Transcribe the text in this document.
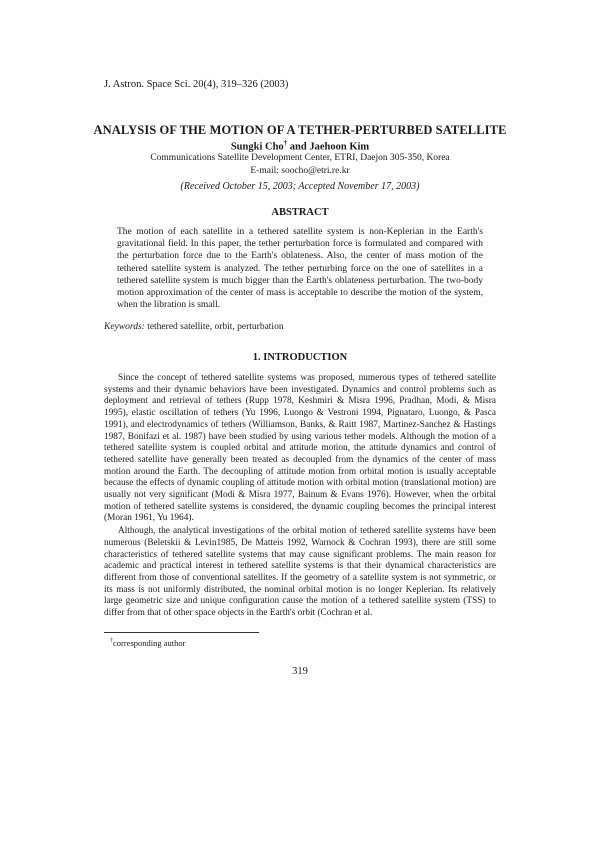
J. Astron. Space Sci. 20(4), 319–326 (2003)
ANALYSIS OF THE MOTION OF A TETHER-PERTURBED SATELLITE
Sungki Cho† and Jaehoon Kim
Communications Satellite Development Center, ETRI, Daejon 305-350, Korea
E-mail: soocho@etri.re.kr
(Received October 15, 2003; Accepted November 17, 2003)
ABSTRACT

The motion of each satellite in a tethered satellite system is non-Keplerian in the Earth's gravitational field. In this paper, the tether perturbation force is formulated and compared with the perturbation force due to the Earth's oblateness. Also, the center of mass motion of the tethered satellite system is analyzed. The tether perturbing force on the one of satellites in a tethered satellite system is much bigger than the Earth's oblateness perturbation. The two-body motion approximation of the center of mass is acceptable to describe the motion of the system, when the libration is small.

Keywords: tethered satellite, orbit, perturbation
1. INTRODUCTION

Since the concept of tethered satellite systems was proposed, numerous types of tethered satellite systems and their dynamic behaviors have been investigated. Dynamics and control problems such as deployment and retrieval of tethers (Rupp 1978, Keshmiri & Misra 1996, Pradhan, Modi, & Misra 1995), elastic oscillation of tethers (Yu 1996, Luongo & Vestroni 1994, Pignataro, Luongo, & Pasca 1991), and electrodynamics of tethers (Williamson, Banks, & Raitt 1987, Martinez-Sanchez & Hastings 1987, Bonifazi et al. 1987) have been studied by using various tether models. Although the motion of a tethered satellite system is coupled orbital and attitude motion, the attitude dynamics and control of tethered satellite have generally been treated as decoupled from the dynamics of the center of mass motion around the Earth. The decoupling of attitude motion from orbital motion is usually acceptable because the effects of dynamic coupling of attitude motion with orbital motion (translational motion) are usually not very significant (Modi & Misra 1977, Bainum & Evans 1976). However, when the orbital motion of tethered satellite systems is considered, the dynamic coupling becomes the principal interest (Moran 1961, Yu 1964).

Although, the analytical investigations of the orbital motion of tethered satellite systems have been numerous (Beletskii & Levin1985, De Matteis 1992, Warnock & Cochran 1993), there are still some characteristics of tethered satellite systems that may cause significant problems. The main reason for academic and practical interest in tethered satellite systems is that their dynamical characteristics are different from those of conventional satellites. If the geometry of a satellite system is not symmetric, or its mass is not uniformly distributed, the nominal orbital motion is no longer Keplerian. Its relatively large geometric size and unique configuration cause the motion of a tethered satellite system (TSS) to differ from that of other space objects in the Earth's orbit (Cochran et al.

†corresponding author
319
